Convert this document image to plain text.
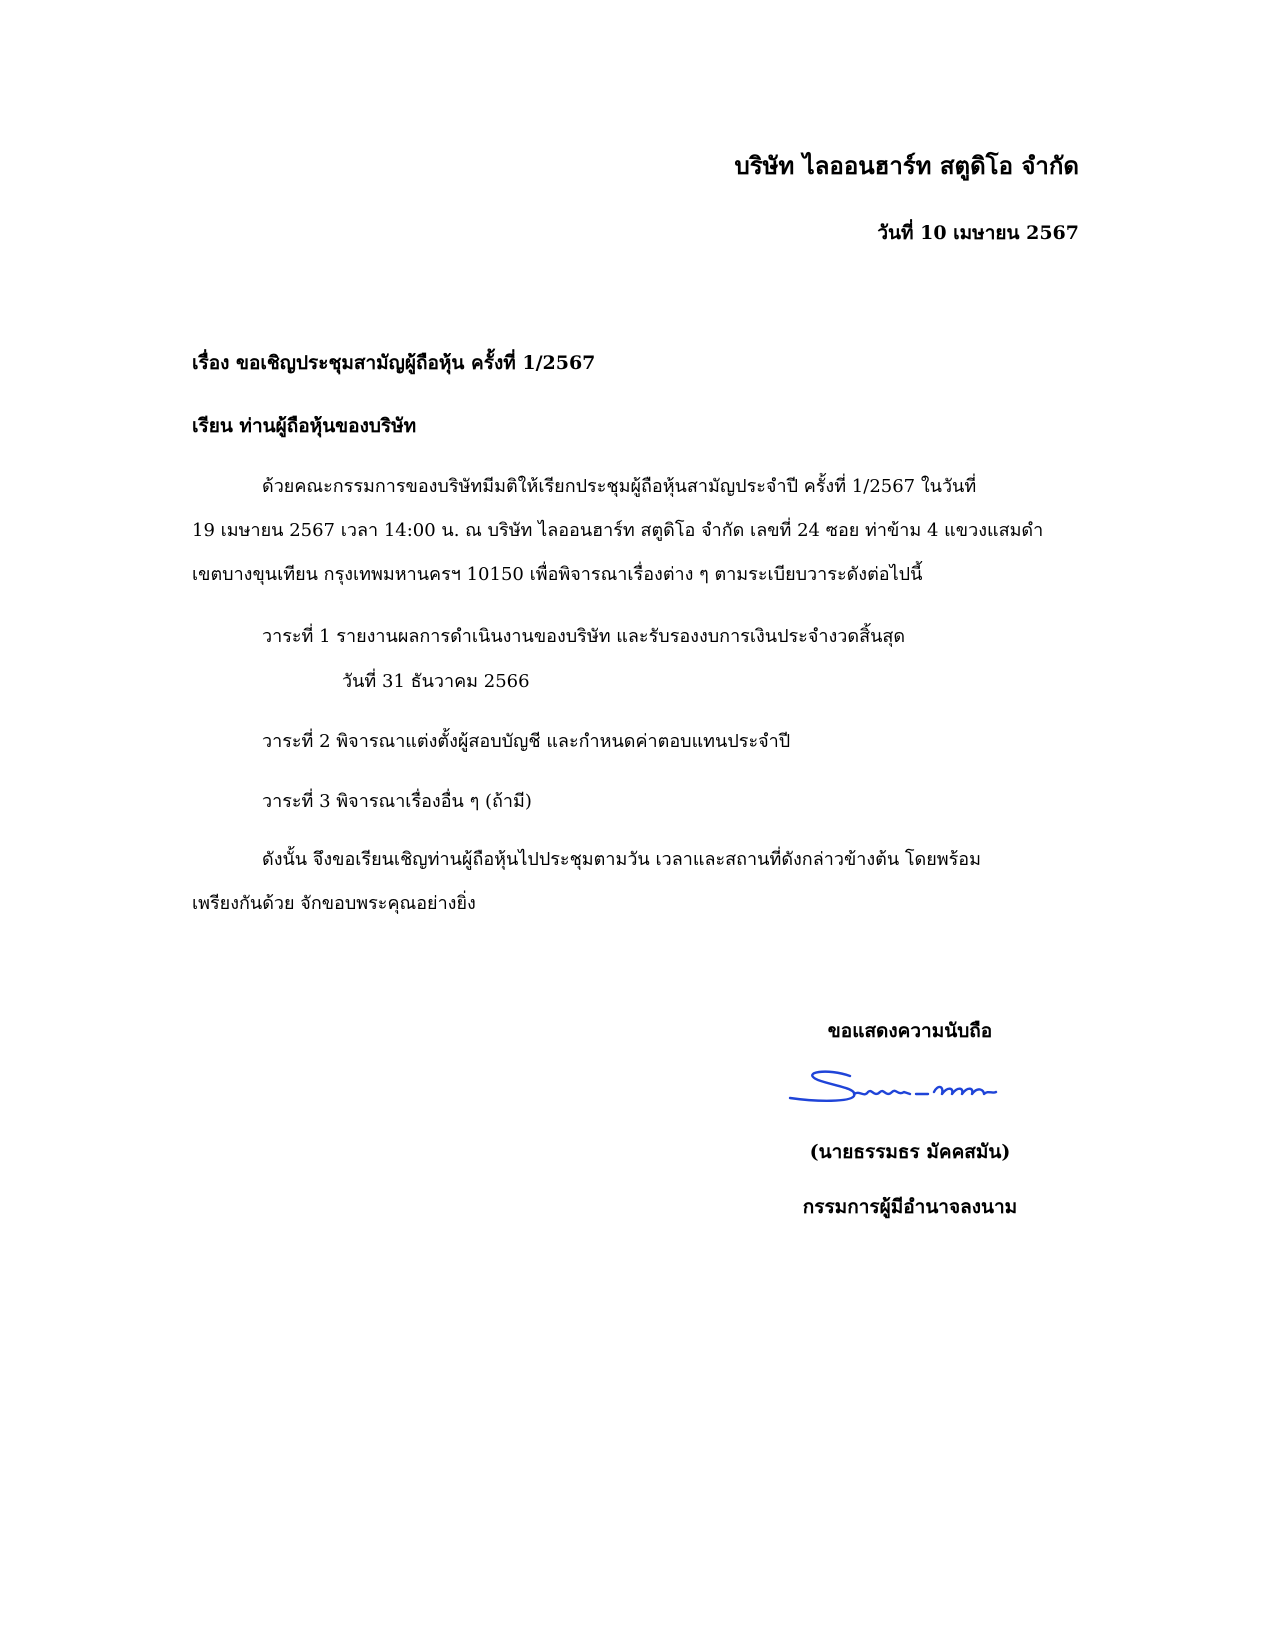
บริษัท ไลออนฮาร์ท สตูดิโอ จำกัด
วันที่ 10 เมษายน 2567
เรื่อง ขอเชิญประชุมสามัญผู้ถือหุ้น ครั้งที่ 1/2567
เรียน ท่านผู้ถือหุ้นของบริษัท
ด้วยคณะกรรมการของบริษัทมีมติให้เรียกประชุมผู้ถือหุ้นสามัญประจำปี ครั้งที่ 1/2567 ในวันที่
19 เมษายน 2567 เวลา 14:00 น. ณ บริษัท ไลออนฮาร์ท สตูดิโอ จำกัด เลขที่ 24 ซอย ท่าข้าม 4 แขวงแสมดำ
เขตบางขุนเทียน กรุงเทพมหานครฯ 10150 เพื่อพิจารณาเรื่องต่าง ๆ ตามระเบียบวาระดังต่อไปนี้
วาระที่ 1 รายงานผลการดำเนินงานของบริษัท และรับรองงบการเงินประจำงวดสิ้นสุด
วันที่ 31 ธันวาคม 2566
วาระที่ 2 พิจารณาแต่งตั้งผู้สอบบัญชี และกำหนดค่าตอบแทนประจำปี
วาระที่ 3 พิจารณาเรื่องอื่น ๆ (ถ้ามี)
ดังนั้น จึงขอเรียนเชิญท่านผู้ถือหุ้นไปประชุมตามวัน เวลาและสถานที่ดังกล่าวข้างต้น โดยพร้อม
เพรียงกันด้วย จักขอบพระคุณอย่างยิ่ง
ขอแสดงความนับถือ
(นายธรรมธร มัคคสมัน)
กรรมการผู้มีอำนาจลงนาม
